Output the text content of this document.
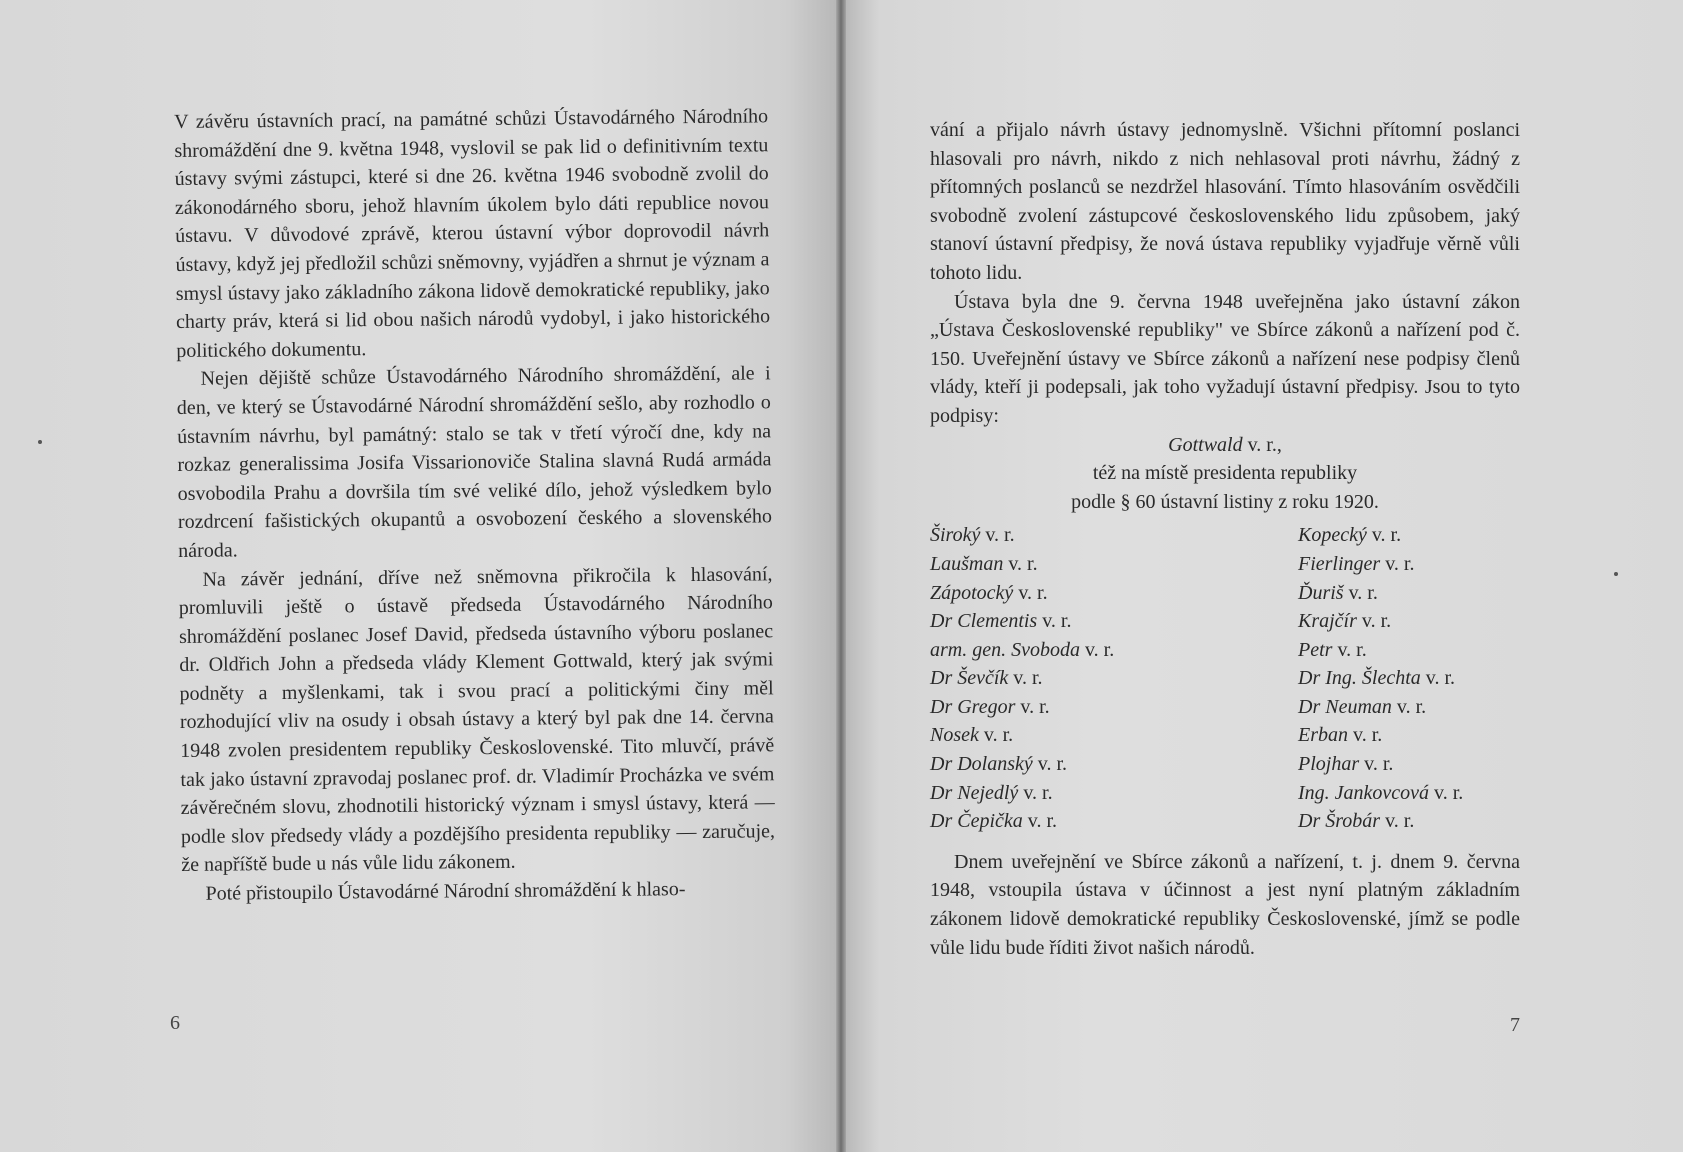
V závěru ústavních prací, na památné schůzi Ústavodárného Národního shromáždění dne 9. května 1948, vyslovil se pak lid o definitivním textu ústavy svými zástupci, které si dne 26. května 1946 svobodně zvolil do zákonodárného sboru, jehož hlavním úkolem bylo dáti republice novou ústavu. V důvodové zprávě, kterou ústavní výbor doprovodil návrh ústavy, když jej předložil schůzi sněmovny, vyjádřen a shrnut je význam a smysl ústavy jako základního zákona lidově demokratické republiky, jako charty práv, která si lid obou našich národů vydobyl, i jako historického politického dokumentu.

Nejen dějiště schůze Ústavodárného Národního shromáždění, ale i den, ve který se Ústavodárné Národní shromáždění sešlo, aby rozhodlo o ústavním návrhu, byl památný: stalo se tak v třetí výročí dne, kdy na rozkaz generalissima Josifa Vissarionoviče Stalina slavná Rudá armáda osvobodila Prahu a dovršila tím své veliké dílo, jehož výsledkem bylo rozdrcení fašistických okupantů a osvobození českého a slovenského národa.

Na závěr jednání, dříve než sněmovna přikročila k hlasování, promluvili ještě o ústavě předseda Ústavodárného Národního shromáždění poslanec Josef David, předseda ústavního výboru poslanec dr. Oldřich John a předseda vlády Klement Gottwald, který jak svými podněty a myšlenkami, tak i svou prací a politickými činy měl rozhodující vliv na osudy i obsah ústavy a který byl pak dne 14. června 1948 zvolen presidentem republiky Československé. Tito mluvčí, právě tak jako ústavní zpravodaj poslanec prof. dr. Vladimír Procházka ve svém závěrečném slovu, zhodnotili historický význam i smysl ústavy, která — podle slov předsedy vlády a pozdějšího presidenta republiky — zaručuje, že napříště bude u nás vůle lidu zákonem.

Poté přistoupilo Ústavodárné Národní shromáždění k hlaso-

6

vání a přijalo návrh ústavy jednomyslně. Všichni přítomní poslanci hlasovali pro návrh, nikdo z nich nehlasoval proti návrhu, žádný z přítomných poslanců se nezdržel hlasování. Tímto hlasováním osvědčili svobodně zvolení zástupcové československého lidu způsobem, jaký stanoví ústavní předpisy, že nová ústava republiky vyjadřuje věrně vůli tohoto lidu.

Ústava byla dne 9. června 1948 uveřejněna jako ústavní zákon „Ústava Československé republiky" ve Sbírce zákonů a nařízení pod č. 150. Uveřejnění ústavy ve Sbírce zákonů a nařízení nese podpisy členů vlády, kteří ji podepsali, jak toho vyžadují ústavní předpisy. Jsou to tyto podpisy:

Gottwald v. r.,

též na místě presidenta republiky

podle § 60 ústavní listiny z roku 1920.

Široký v. r.	Kopecký v. r.
Laušman v. r.	Fierlinger v. r.
Zápotocký v. r.	Ďuriš v. r.
Dr Clementis v. r.	Krajčír v. r.
arm. gen. Svoboda v. r.	Petr v. r.
Dr Ševčík v. r.	Dr Ing. Šlechta v. r.
Dr Gregor v. r.	Dr Neuman v. r.
Nosek v. r.	Erban v. r.
Dr Dolanský v. r.	Plojhar v. r.
Dr Nejedlý v. r.	Ing. Jankovcová v. r.
Dr Čepička v. r.	Dr Šrobár v. r.

Dnem uveřejnění ve Sbírce zákonů a nařízení, t. j. dnem 9. června 1948, vstoupila ústava v účinnost a jest nyní platným základním zákonem lidově demokratické republiky Československé, jímž se podle vůle lidu bude říditi život našich národů.

7
